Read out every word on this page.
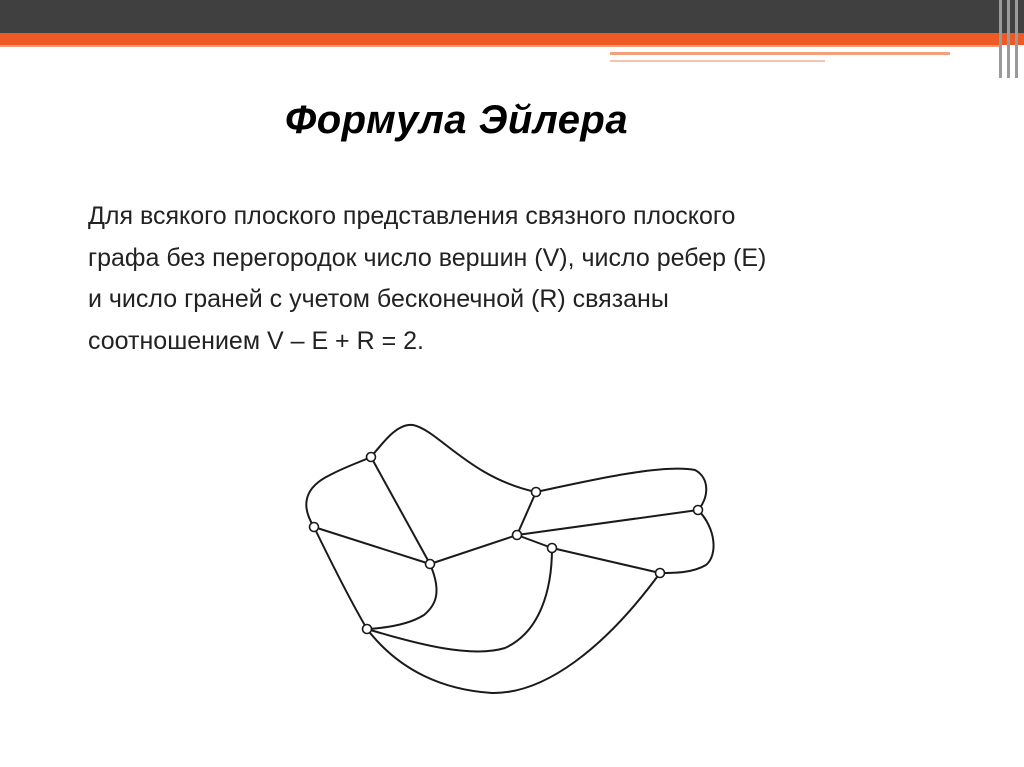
Формула Эйлера

Для всякого плоского представления связного плоского
графа без перегородок число вершин (V), число ребер (E)
и число граней с учетом бесконечной (R) связаны
соотношением V – E + R = 2.
